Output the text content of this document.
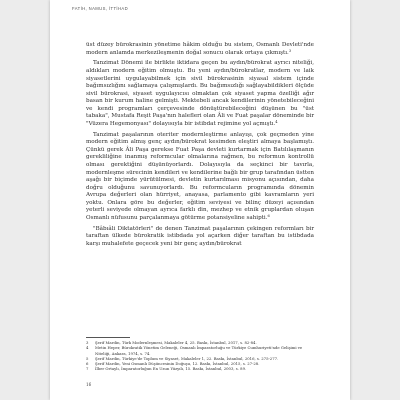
FATİH, NAMUS, İTTİHAD

üst düzey bürokrasinin yönetime hâkim olduğu bu sistem, Osmanlı Devleti'nde modern anlamda merkezileşmenin doğal sonucu olarak ortaya çıkmıştı.$^3$

Tanzimat Dönemi ile birlikte iktidara geçen bu aydın/bürokrat ayrıcı niteliği, aldıkları modern eğitim olmuştu. Bu yeni aydın/bürokratlar, modern ve laik siyasetlerini uygulayabilmek için sivil bürokrasinin siyasal sistem içinde bağımsızlığını sağlamaya çalışmışlardı. Bu bağımsızlığı sağlayabildikleri ölçüde sivil bürokrasi, siyaset uygulayıcısı olmaktan çok siyaset yapma özelliği ağır basan bir kurum haline gelmişti. Mektebeli ancak kendilerinin yönetebileceğini ve kendi programları çerçevesinde dönüştürebileceğini düşünen bu "üst tabaka", Mustafa Reşit Paşa'nın halefleri olan Âli ve Fuat paşalar döneminde bir "Vüzera Hegemonyası" dolayısıyla bir istibdat rejimine yol açmıştı.$^4$

Tanzimat paşalarının oteriter modernleştirme anlayışı, çok geçmeden yine modern eğitim almış genç aydın/bürokrat kesimden eleştiri almaya başlamıştı. Çünkü gerek Âli Paşa gerekse Fuat Paşa devleti kurtarmak için Batılılaşmanın gerekliliğine inanmış reformcular olmalarına rağmen, bu reformun kontrollü olması gerektiğini düşünüyorlardı. Dolayısıyla da seçkinci bir tavırla, modernleşme sürecinin kendileri ve kendilerine bağlı bir grup tarafından üstten aşağı bir biçimde yürütülmesi, devletin kurtarılması misyonu açısından, daha doğru olduğunu savunuyorlardı. Bu reformcuların programında dönemin Avrupa değerleri olan hürriyet, anayasa, parlamento gibi kavramların yeri yoktu. Onlara göre bu değerler, eğitim seviyesi ve bilinç düzeyi açısından yeterli seviyede olmayan ayrıca farklı din, mezhep ve etnik gruplardan oluşan Osmanlı nüfusunu parçalanmaya götürme potansiyeline sahipti.$^6$

"Bâbıâli Diktatörleri" de denen Tanzimat paşalarının çekingen reformları bir taraftan ülkede bürokratik istibdada yol açarken diğer taraftan bu istibdada karşı muhalefete geçecek yeni bir genç aydın/bürokrat

3	Şerif Mardin, Türk Modernleşmesi, Makaleler 4, 25. Baskı, İstanbul, 2017, s. 82-84.
4	Metin Heper, Bürokratik Yönetim Geleneği, Osmanlı İmparatorluğu ve Türkiye Cumhuriyeti'nde Gelişimi ve Niteliği, Ankara, 1974, s. 74.
5	Şerif Mardin, Türkiye'de Toplum ve Siyaset, Makaleler 1, 22. Baskı, İstanbul, 2016, s. 275-277.
6	Şerif Mardin, Yeni Osmanlı Düşüncesinin Doğuşu, 12. Baskı, İstanbul, 2015, s. 27-28.
7	İlber Ortaylı, İmparatorluğun En Uzun Yüzyılı, 15. Baskı, İstanbul, 2003, s. 89.
16
